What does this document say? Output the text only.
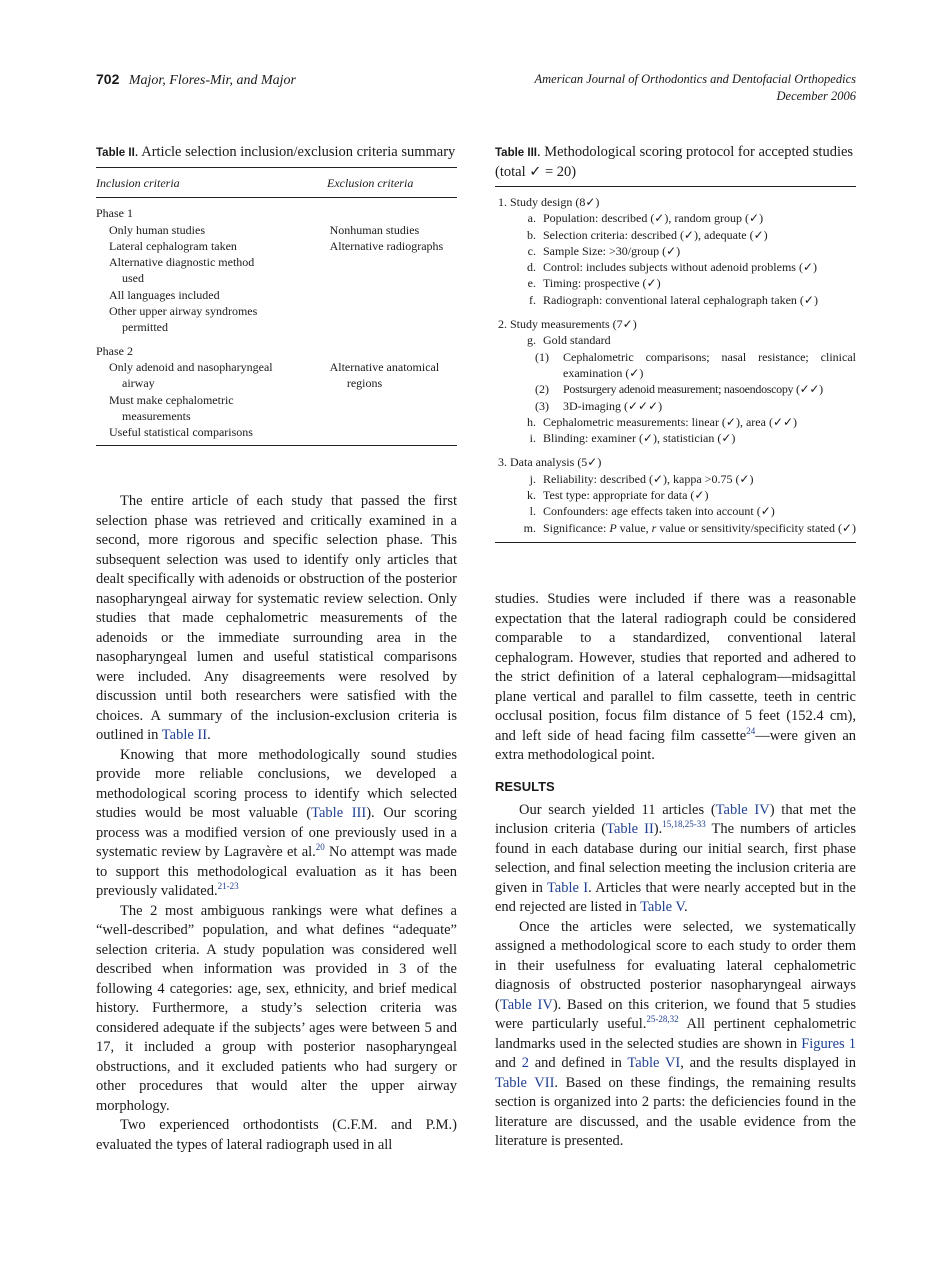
702 Major, Flores-Mir, and Major	American Journal of Orthodontics and Dentofacial Orthopedics
December 2006
Table II. Article selection inclusion/exclusion criteria summary
Inclusion criteria	Exclusion criteria
Phase 1
Only human studies	Nonhuman studies
Lateral cephalogram taken	Alternative radiographs
Alternative diagnostic method
used
All languages included
Other upper airway syndromes
permitted
Phase 2
Only adenoid and nasopharyngeal	Alternative anatomical
airway	regions
Must make cephalometric
measurements
Useful statistical comparisons

The entire article of each study that passed the first selection phase was retrieved and critically examined in a second, more rigorous and specific selection phase. This subsequent selection was used to identify only articles that dealt specifically with adenoids or obstruction of the posterior nasopharyngeal airway for systematic review selection. Only studies that made cephalometric measurements of the adenoids or the immediate surrounding area in the nasopharyngeal lumen and useful statistical comparisons were included. Any disagreements were resolved by discussion until both researchers were satisfied with the choices. A summary of the inclusion-exclusion criteria is outlined in Table II.

Knowing that more methodologically sound studies provide more reliable conclusions, we developed a methodological scoring process to identify which selected studies would be most valuable (Table III). Our scoring process was a modified version of one previously used in a systematic review by Lagravère et al.$^{20}$ No attempt was made to support this methodological evaluation as it has been previously validated.$^{21-23}$

The 2 most ambiguous rankings were what defines a “well-described” population, and what defines “adequate” selection criteria. A study population was considered well described when information was provided in 3 of the following 4 categories: age, sex, ethnicity, and brief medical history. Furthermore, a study’s selection criteria was considered adequate if the subjects’ ages were between 5 and 17, it included a group with posterior nasopharyngeal obstructions, and it excluded patients who had surgery or other procedures that would alter the upper airway morphology.

Two experienced orthodontists (C.F.M. and P.M.) evaluated the types of lateral radiograph used in all

Table III. Methodological scoring protocol for accepted studies (total ✓ = 20)
1. Study design (8✓)
a. Population: described (✓), random group (✓)
b. Selection criteria: described (✓), adequate (✓)
c. Sample Size: >30/group (✓)
d. Control: includes subjects without adenoid problems (✓)
e. Timing: prospective (✓)
f. Radiograph: conventional lateral cephalograph taken (✓)
2. Study measurements (7✓)
g. Gold standard
(1)	Cephalometric comparisons; nasal resistance; clinical examination (✓)
(2)	Postsurgery adenoid measurement; nasoendoscopy (✓✓)
(3)	3D-imaging (✓✓✓)
h. Cephalometric measurements: linear (✓), area (✓✓)
i. Blinding: examiner (✓), statistician (✓)
3. Data analysis (5✓)
j. Reliability: described (✓), kappa >0.75 (✓)
k. Test type: appropriate for data (✓)
l. Confounders: age effects taken into account (✓)
m. Significance: P value, r value or sensitivity/specificity stated (✓)

studies. Studies were included if there was a reasonable expectation that the lateral radiograph could be considered comparable to a standardized, conventional lateral cephalogram. However, studies that reported and adhered to the strict definition of a lateral cephalogram—midsagittal plane vertical and parallel to film cassette, teeth in centric occlusal position, focus film distance of 5 feet (152.4 cm), and left side of head facing film cassette$^{24}$—were given an extra methodological point.

RESULTS

Our search yielded 11 articles (Table IV) that met the inclusion criteria (Table II).$^{15,18,25-33}$ The numbers of articles found in each database during our initial search, first phase selection, and final selection meeting the inclusion criteria are given in Table I. Articles that were nearly accepted but in the end rejected are listed in Table V.

Once the articles were selected, we systematically assigned a methodological score to each study to order them in their usefulness for evaluating lateral cephalometric diagnosis of obstructed posterior nasopharyngeal airways (Table IV). Based on this criterion, we found that 5 studies were particularly useful.$^{25-28,32}$ All pertinent cephalometric landmarks used in the selected studies are shown in Figures 1 and 2 and defined in Table VI, and the results displayed in Table VII. Based on these findings, the remaining results section is organized into 2 parts: the deficiencies found in the literature are discussed, and the usable evidence from the literature is presented.
